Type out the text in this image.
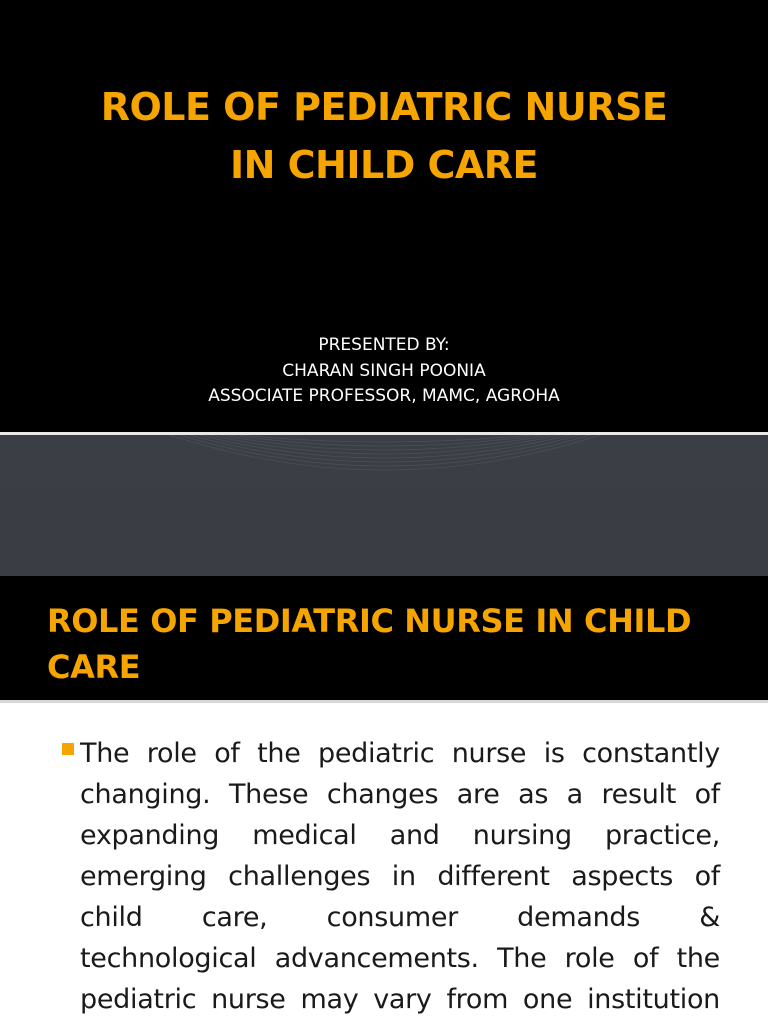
ROLE OF PEDIATRIC NURSE
IN CHILD CARE
PRESENTED BY:
CHARAN SINGH POONIA
ASSOCIATE PROFESSOR, MAMC, AGROHA
ROLE OF PEDIATRIC NURSE IN CHILD
CARE
The role of the pediatric nurse is constantly
changing. These changes are as a result of
expanding medical and nursing practice,
emerging challenges in different aspects of
child care, consumer demands &
technological advancements. The role of the
pediatric nurse may vary from one institution
